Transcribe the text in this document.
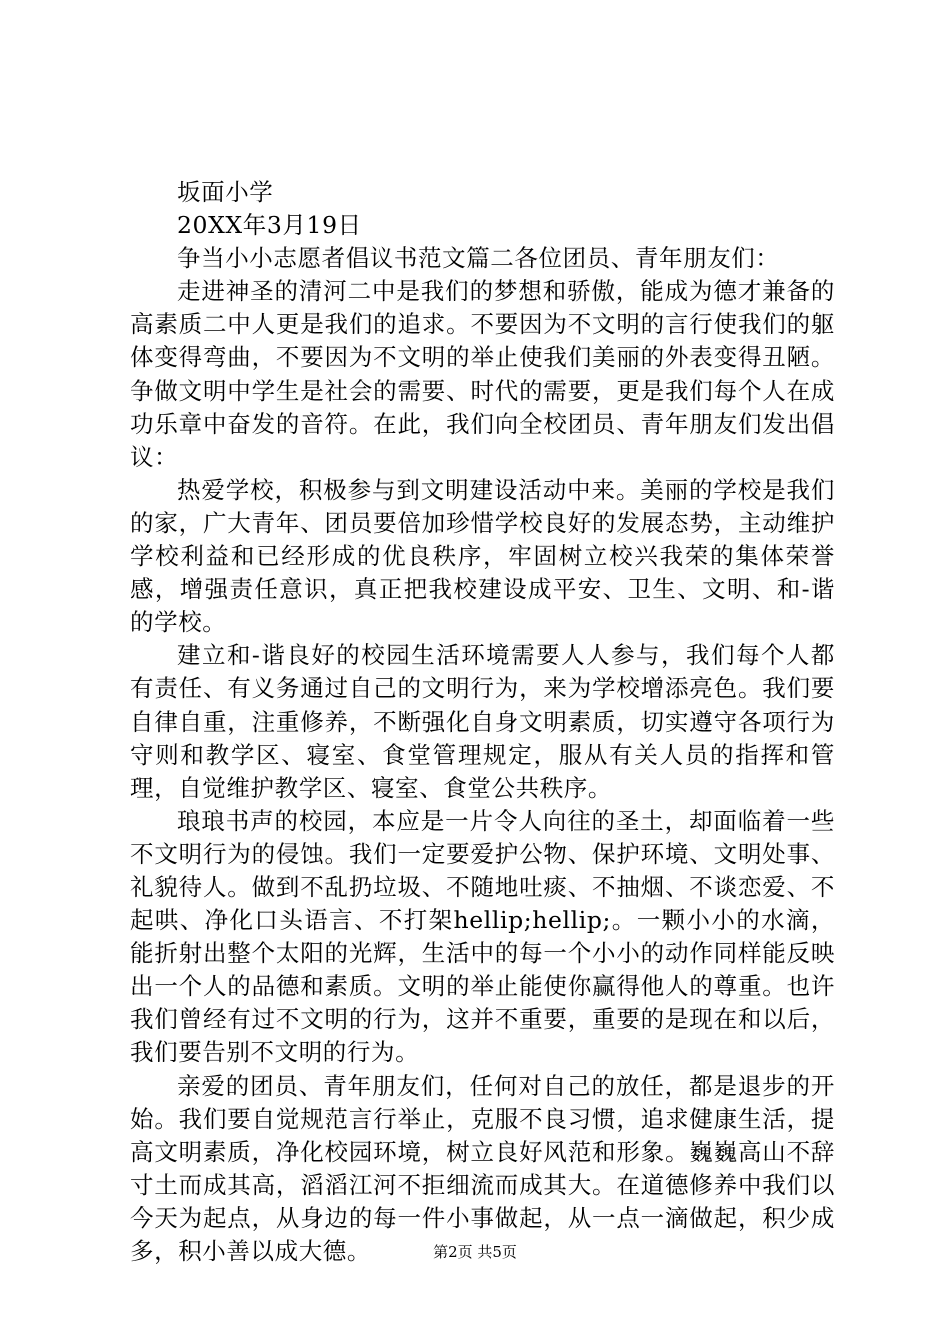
坂面小学

20XX年3月19日

争当小小志愿者倡议书范文篇二各位团员、青年朋友们：

走进神圣的清河二中是我们的梦想和骄傲，能成为德才兼备的高素质二中人更是我们的追求。不要因为不文明的言行使我们的躯体变得弯曲，不要因为不文明的举止使我们美丽的外表变得丑陋。争做文明中学生是社会的需要、时代的需要，更是我们每个人在成功乐章中奋发的音符。在此，我们向全校团员、青年朋友们发出倡议：

热爱学校，积极参与到文明建设活动中来。美丽的学校是我们的家，广大青年、团员要倍加珍惜学校良好的发展态势，主动维护学校利益和已经形成的优良秩序，牢固树立校兴我荣的集体荣誉感，增强责任意识，真正把我校建设成平安、卫生、文明、和-谐的学校。

建立和-谐良好的校园生活环境需要人人参与，我们每个人都有责任、有义务通过自己的文明行为，来为学校增添亮色。我们要自律自重，注重修养，不断强化自身文明素质，切实遵守各项行为守则和教学区、寝室、食堂管理规定，服从有关人员的指挥和管理，自觉维护教学区、寝室、食堂公共秩序。

琅琅书声的校园，本应是一片令人向往的圣土，却面临着一些不文明行为的侵蚀。我们一定要爱护公物、保护环境、文明处事、礼貌待人。做到不乱扔垃圾、不随地吐痰、不抽烟、不谈恋爱、不起哄、净化口头语言、不打架hellip;hellip;。一颗小小的水滴，能折射出整个太阳的光辉，生活中的每一个小小的动作同样能反映出一个人的品德和素质。文明的举止能使你赢得他人的尊重。也许我们曾经有过不文明的行为，这并不重要，重要的是现在和以后，我们要告别不文明的行为。

亲爱的团员、青年朋友们，任何对自己的放任，都是退步的开始。我们要自觉规范言行举止，克服不良习惯，追求健康生活，提高文明素质，净化校园环境，树立良好风范和形象。巍巍高山不辞寸土而成其高，滔滔江河不拒细流而成其大。在道德修养中我们以今天为起点，从身边的每一件小事做起，从一点一滴做起，积少成多，积小善以成大德。	第2页 共5页
